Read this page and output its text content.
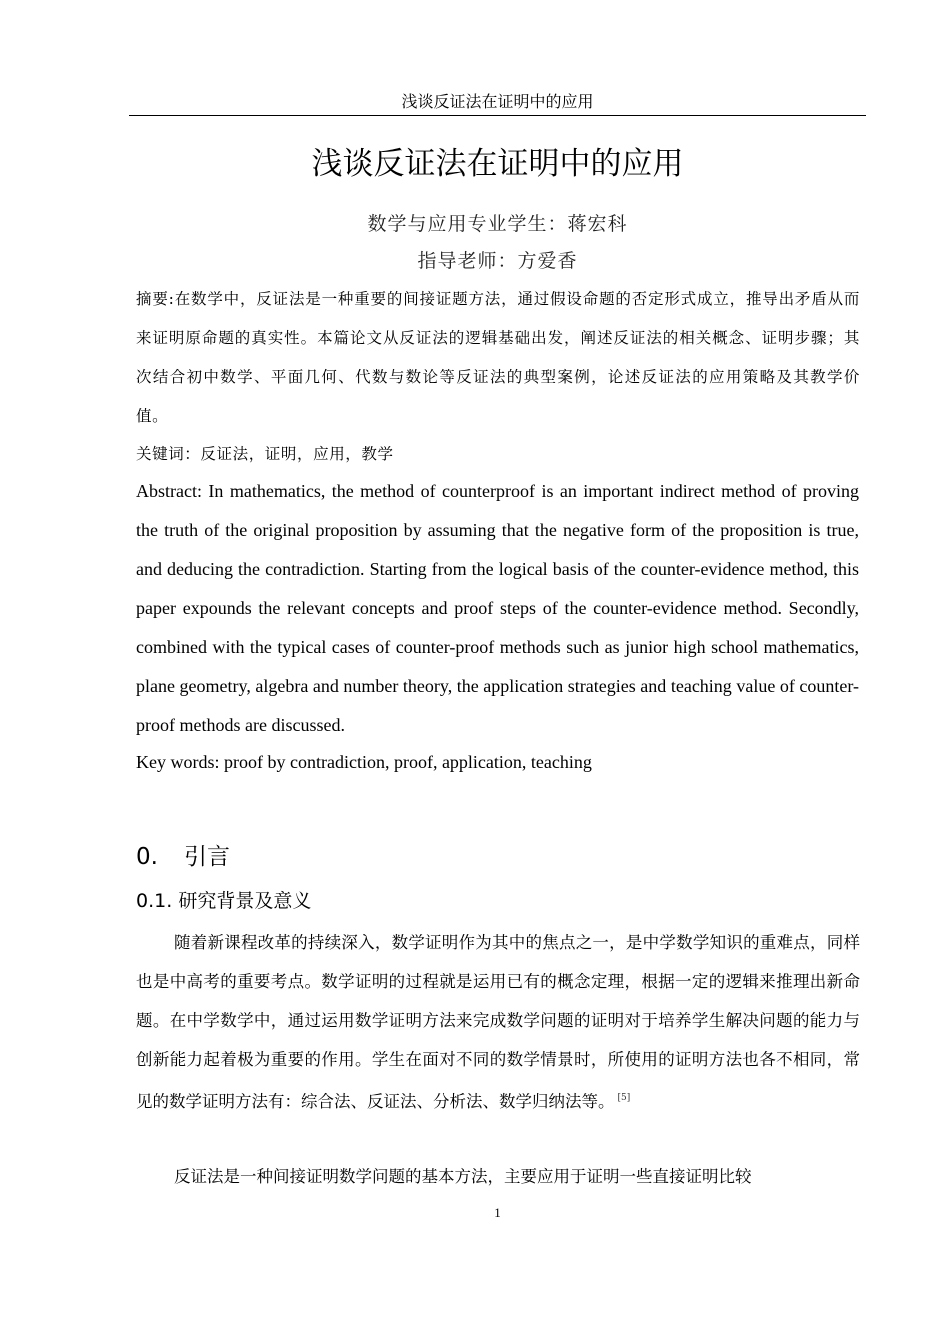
浅谈反证法在证明中的应用
浅谈反证法在证明中的应用
数学与应用专业学生：蒋宏科
指导老师：方爱香
摘要:在数学中，反证法是一种重要的间接证题方法，通过假设命题的否定形式成立，推导出矛盾从而来证明原命题的真实性。本篇论文从反证法的逻辑基础出发，阐述反证法的相关概念、证明步骤；其次结合初中数学、平面几何、代数与数论等反证法的典型案例，论述反证法的应用策略及其教学价值。
关键词：反证法，证明，应用，教学
Abstract: In mathematics, the method of counterproof is an important indirect method of proving the truth of the original proposition by assuming that the negative form of the proposition is true, and deducing the contradiction. Starting from the logical basis of the counter-evidence method, this paper expounds the relevant concepts and proof steps of the counter-evidence method. Secondly, combined with the typical cases of counter-proof methods such as junior high school mathematics, plane geometry, algebra and number theory, the application strategies and teaching value of counter-proof methods are discussed.
Key words: proof by contradiction, proof, application, teaching
0. 引言
0.1. 研究背景及意义
随着新课程改革的持续深入，数学证明作为其中的焦点之一，是中学数学知识的重难点，同样也是中高考的重要考点。数学证明的过程就是运用已有的概念定理，根据一定的逻辑来推理出新命题。在中学数学中，通过运用数学证明方法来完成数学问题的证明对于培养学生解决问题的能力与创新能力起着极为重要的作用。学生在面对不同的数学情景时，所使用的证明方法也各不相同，常见的数学证明方法有：综合法、反证法、分析法、数学归纳法等。 [5]
反证法是一种间接证明数学问题的基本方法，主要应用于证明一些直接证明比较
1
